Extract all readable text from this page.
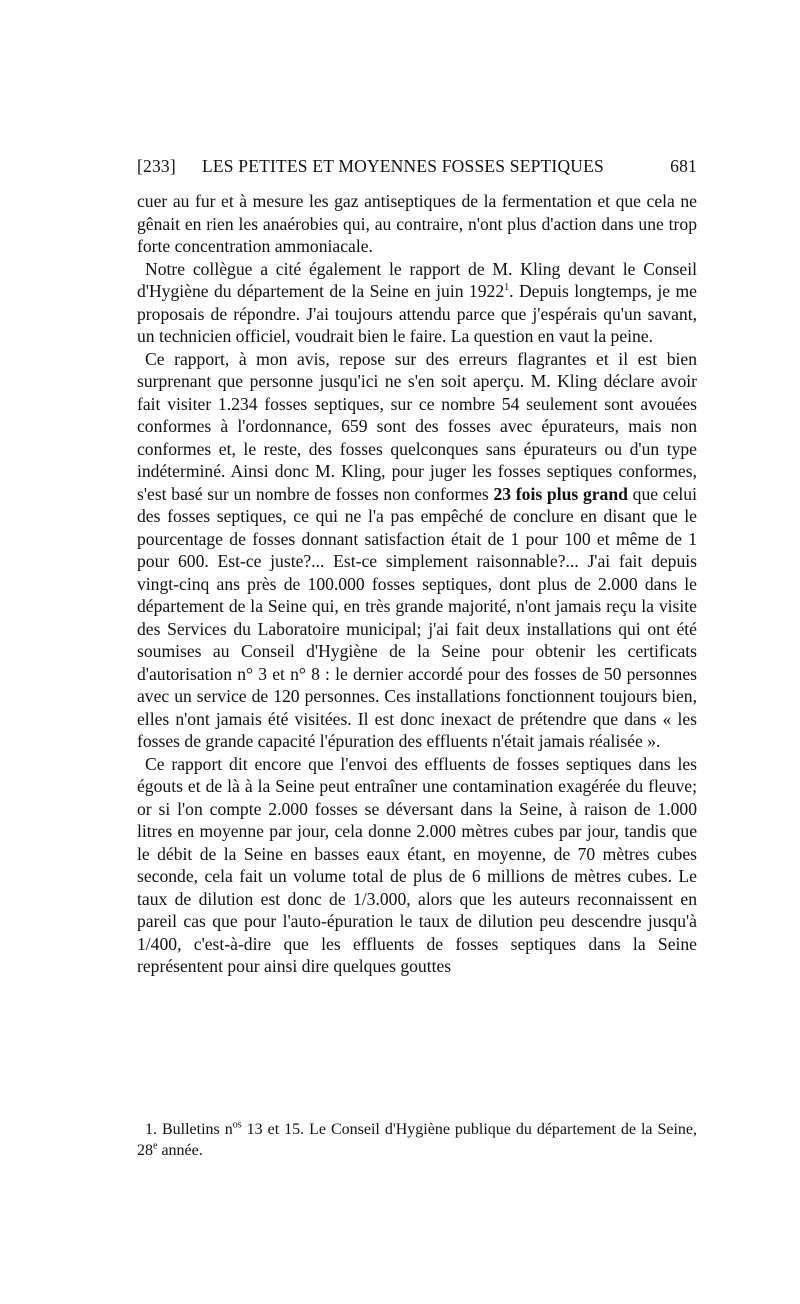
[233] LES PETITES ET MOYENNES FOSSES SEPTIQUES	681

cuer au fur et à mesure les gaz antiseptiques de la fermentation et que cela ne gênait en rien les anaérobies qui, au contraire, n'ont plus d'action dans une trop forte concentration ammoniacale.

Notre collègue a cité également le rapport de M. Kling devant le Conseil d'Hygiène du département de la Seine en juin 1922$^1$. Depuis longtemps, je me proposais de répondre. J'ai toujours attendu parce que j'espérais qu'un savant, un technicien officiel, voudrait bien le faire. La question en vaut la peine.

Ce rapport, à mon avis, repose sur des erreurs flagrantes et il est bien surprenant que personne jusqu'ici ne s'en soit aperçu. M. Kling déclare avoir fait visiter 1.234 fosses septiques, sur ce nombre 54 seulement sont avouées conformes à l'ordonnance, 659 sont des fosses avec épurateurs, mais non conformes et, le reste, des fosses quelconques sans épurateurs ou d'un type indéterminé. Ainsi donc M. Kling, pour juger les fosses septiques conformes, s'est basé sur un nombre de fosses non conformes 23 fois plus grand que celui des fosses septiques, ce qui ne l'a pas empêché de conclure en disant que le pourcentage de fosses donnant satisfaction était de 1 pour 100 et même de 1 pour 600. Est-ce juste?... Est-ce simplement raisonnable?... J'ai fait depuis vingt-cinq ans près de 100.000 fosses septiques, dont plus de 2.000 dans le département de la Seine qui, en très grande majorité, n'ont jamais reçu la visite des Services du Laboratoire municipal; j'ai fait deux installations qui ont été soumises au Conseil d'Hygiène de la Seine pour obtenir les certificats d'autorisation n° 3 et n° 8 : le dernier accordé pour des fosses de 50 personnes avec un service de 120 personnes. Ces installations fonctionnent toujours bien, elles n'ont jamais été visitées. Il est donc inexact de prétendre que dans « les fosses de grande capacité l'épuration des effluents n'était jamais réalisée ».

Ce rapport dit encore que l'envoi des effluents de fosses septiques dans les égouts et de là à la Seine peut entraîner une contamination exagérée du fleuve; or si l'on compte 2.000 fosses se déversant dans la Seine, à raison de 1.000 litres en moyenne par jour, cela donne 2.000 mètres cubes par jour, tandis que le débit de la Seine en basses eaux étant, en moyenne, de 70 mètres cubes seconde, cela fait un volume total de plus de 6 millions de mètres cubes. Le taux de dilution est donc de 1/3.000, alors que les auteurs reconnaissent en pareil cas que pour l'auto-épuration le taux de dilution peu descendre jusqu'à 1/400, c'est-à-dire que les effluents de fosses septiques dans la Seine représentent pour ainsi dire quelques gouttes

1. Bulletins $n^{os}$ 13 et 15. Le Conseil d'Hygiène publique du département de la Seine, 28e année.
